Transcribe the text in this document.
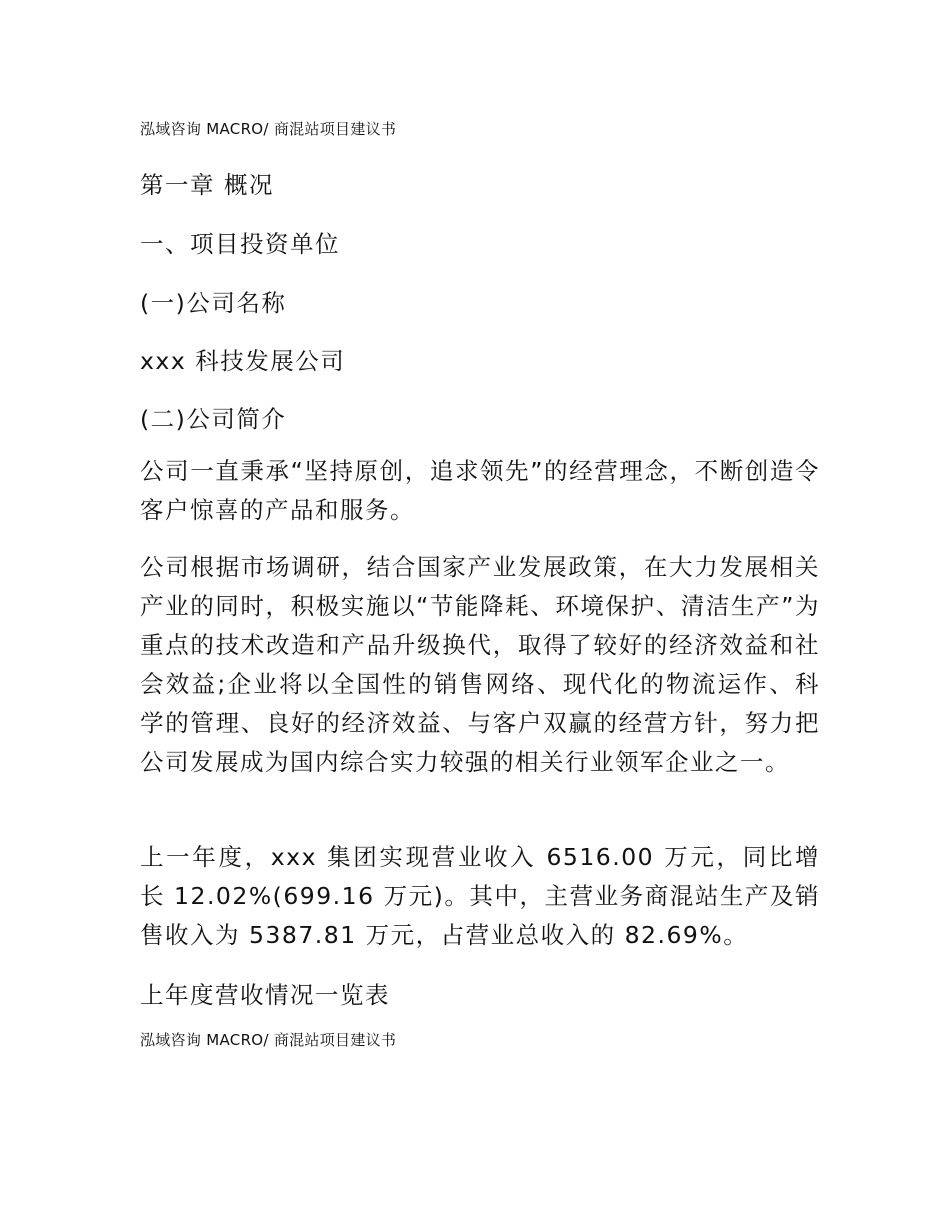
泓域咨询 MACRO/ 商混站项目建议书
第一章 概况
一、项目投资单位
(一)公司名称
xxx 科技发展公司
(二)公司简介
公司一直秉承“坚持原创，追求领先”的经营理念，不断创造令客户惊喜的产品和服务。
公司根据市场调研，结合国家产业发展政策，在大力发展相关产业的同时，积极实施以“节能降耗、环境保护、清洁生产”为重点的技术改造和产品升级换代，取得了较好的经济效益和社会效益;企业将以全国性的销售网络、现代化的物流运作、科学的管理、良好的经济效益、与客户双赢的经营方针，努力把公司发展成为国内综合实力较强的相关行业领军企业之一。
上一年度，xxx 集团实现营业收入 6516.00 万元，同比增长 12.02%(699.16 万元)。其中，主营业务商混站生产及销售收入为 5387.81 万元，占营业总收入的 82.69%。
上年度营收情况一览表
泓域咨询 MACRO/ 商混站项目建议书
